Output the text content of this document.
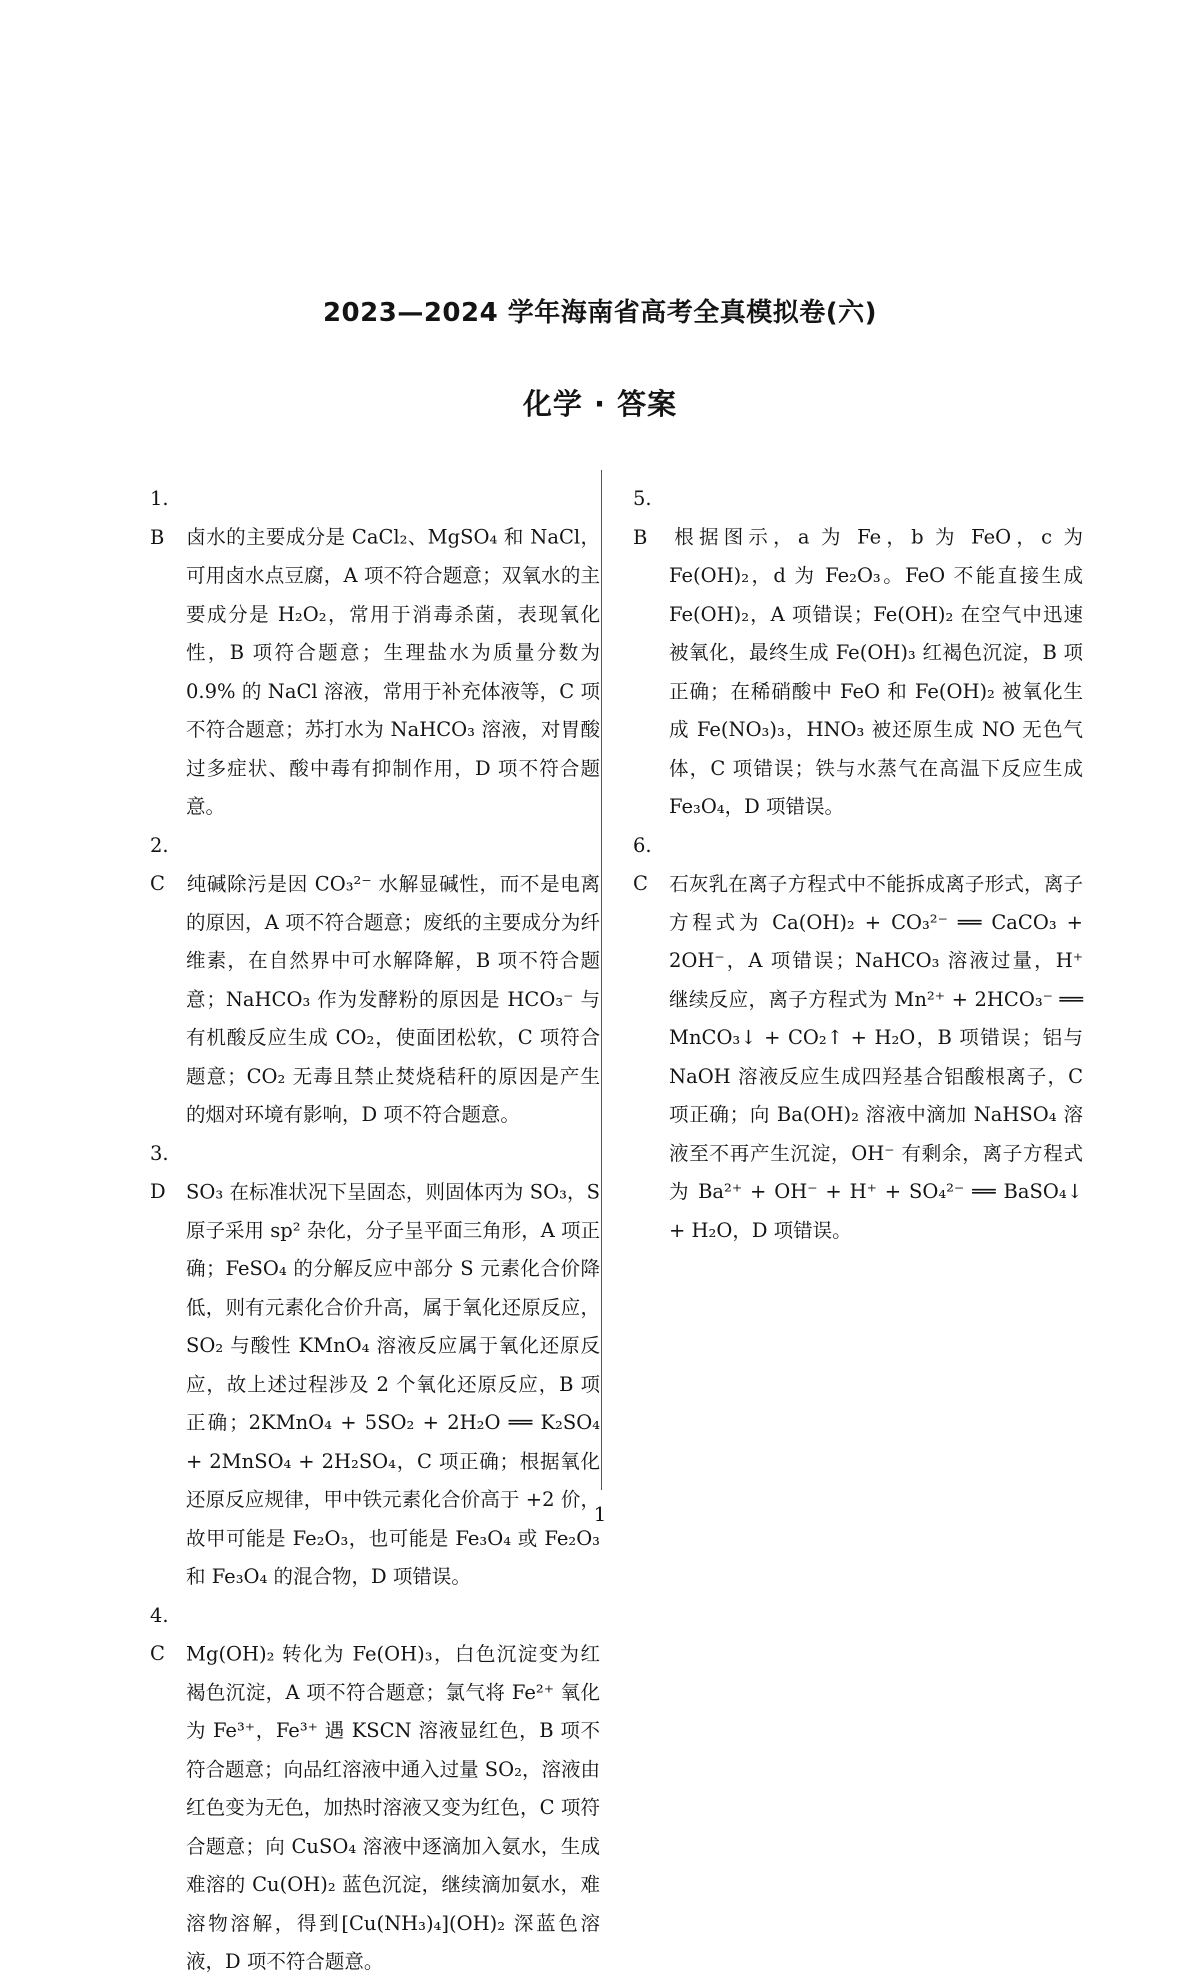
2023—2024 学年海南省高考全真模拟卷(六)
化学 · 答案

1. B 卤水的主要成分是 CaCl₂、MgSO₄ 和 NaCl，可用卤水点豆腐，A 项不符合题意；双氧水的主要成分是 H₂O₂，常用于消毒杀菌，表现氧化性，B 项符合题意；生理盐水为质量分数为 0.9% 的 NaCl 溶液，常用于补充体液等，C 项不符合题意；苏打水为 NaHCO₃ 溶液，对胃酸过多症状、酸中毒有抑制作用，D 项不符合题意。

2. C 纯碱除污是因 CO₃²⁻ 水解显碱性，而不是电离的原因，A 项不符合题意；废纸的主要成分为纤维素，在自然界中可水解降解，B 项不符合题意；NaHCO₃ 作为发酵粉的原因是 HCO₃⁻ 与有机酸反应生成 CO₂，使面团松软，C 项符合题意；CO₂ 无毒且禁止焚烧秸秆的原因是产生的烟对环境有影响，D 项不符合题意。

3. D SO₃ 在标准状况下呈固态，则固体丙为 SO₃，S 原子采用 sp² 杂化，分子呈平面三角形，A 项正确；FeSO₄ 的分解反应中部分 S 元素化合价降低，则有元素化合价升高，属于氧化还原反应，SO₂ 与酸性 KMnO₄ 溶液反应属于氧化还原反应，故上述过程涉及 2 个氧化还原反应，B 项正确；2KMnO₄ + 5SO₂ + 2H₂O ══ K₂SO₄ + 2MnSO₄ + 2H₂SO₄，C 项正确；根据氧化还原反应规律，甲中铁元素化合价高于 +2 价，故甲可能是 Fe₂O₃，也可能是 Fe₃O₄ 或 Fe₂O₃ 和 Fe₃O₄ 的混合物，D 项错误。

4. C Mg(OH)₂ 转化为 Fe(OH)₃，白色沉淀变为红褐色沉淀，A 项不符合题意；氯气将 Fe²⁺ 氧化为 Fe³⁺，Fe³⁺ 遇 KSCN 溶液显红色，B 项不符合题意；向品红溶液中通入过量 SO₂，溶液由红色变为无色，加热时溶液又变为红色，C 项符合题意；向 CuSO₄ 溶液中逐滴加入氨水，生成难溶的 Cu(OH)₂ 蓝色沉淀，继续滴加氨水，难溶物溶解，得到[Cu(NH₃)₄](OH)₂ 深蓝色溶液，D 项不符合题意。

5. B 根据图示，a 为 Fe，b 为 FeO，c 为 Fe(OH)₂，d 为 Fe₂O₃。FeO 不能直接生成 Fe(OH)₂，A 项错误；Fe(OH)₂ 在空气中迅速被氧化，最终生成 Fe(OH)₃ 红褐色沉淀，B 项正确；在稀硝酸中 FeO 和 Fe(OH)₂ 被氧化生成 Fe(NO₃)₃，HNO₃ 被还原生成 NO 无色气体，C 项错误；铁与水蒸气在高温下反应生成 Fe₃O₄，D 项错误。

6. C 石灰乳在离子方程式中不能拆成离子形式，离子方程式为 Ca(OH)₂ + CO₃²⁻ ══ CaCO₃ + 2OH⁻，A 项错误；NaHCO₃ 溶液过量，H⁺ 继续反应，离子方程式为 Mn²⁺ + 2HCO₃⁻ ══ MnCO₃↓ + CO₂↑ + H₂O，B 项错误；铝与 NaOH 溶液反应生成四羟基合铝酸根离子，C 项正确；向 Ba(OH)₂ 溶液中滴加 NaHSO₄ 溶液至不再产生沉淀，OH⁻ 有剩余，离子方程式为 Ba²⁺ + OH⁻ + H⁺ + SO₄²⁻ ══ BaSO₄↓ + H₂O，D 项错误。

1
